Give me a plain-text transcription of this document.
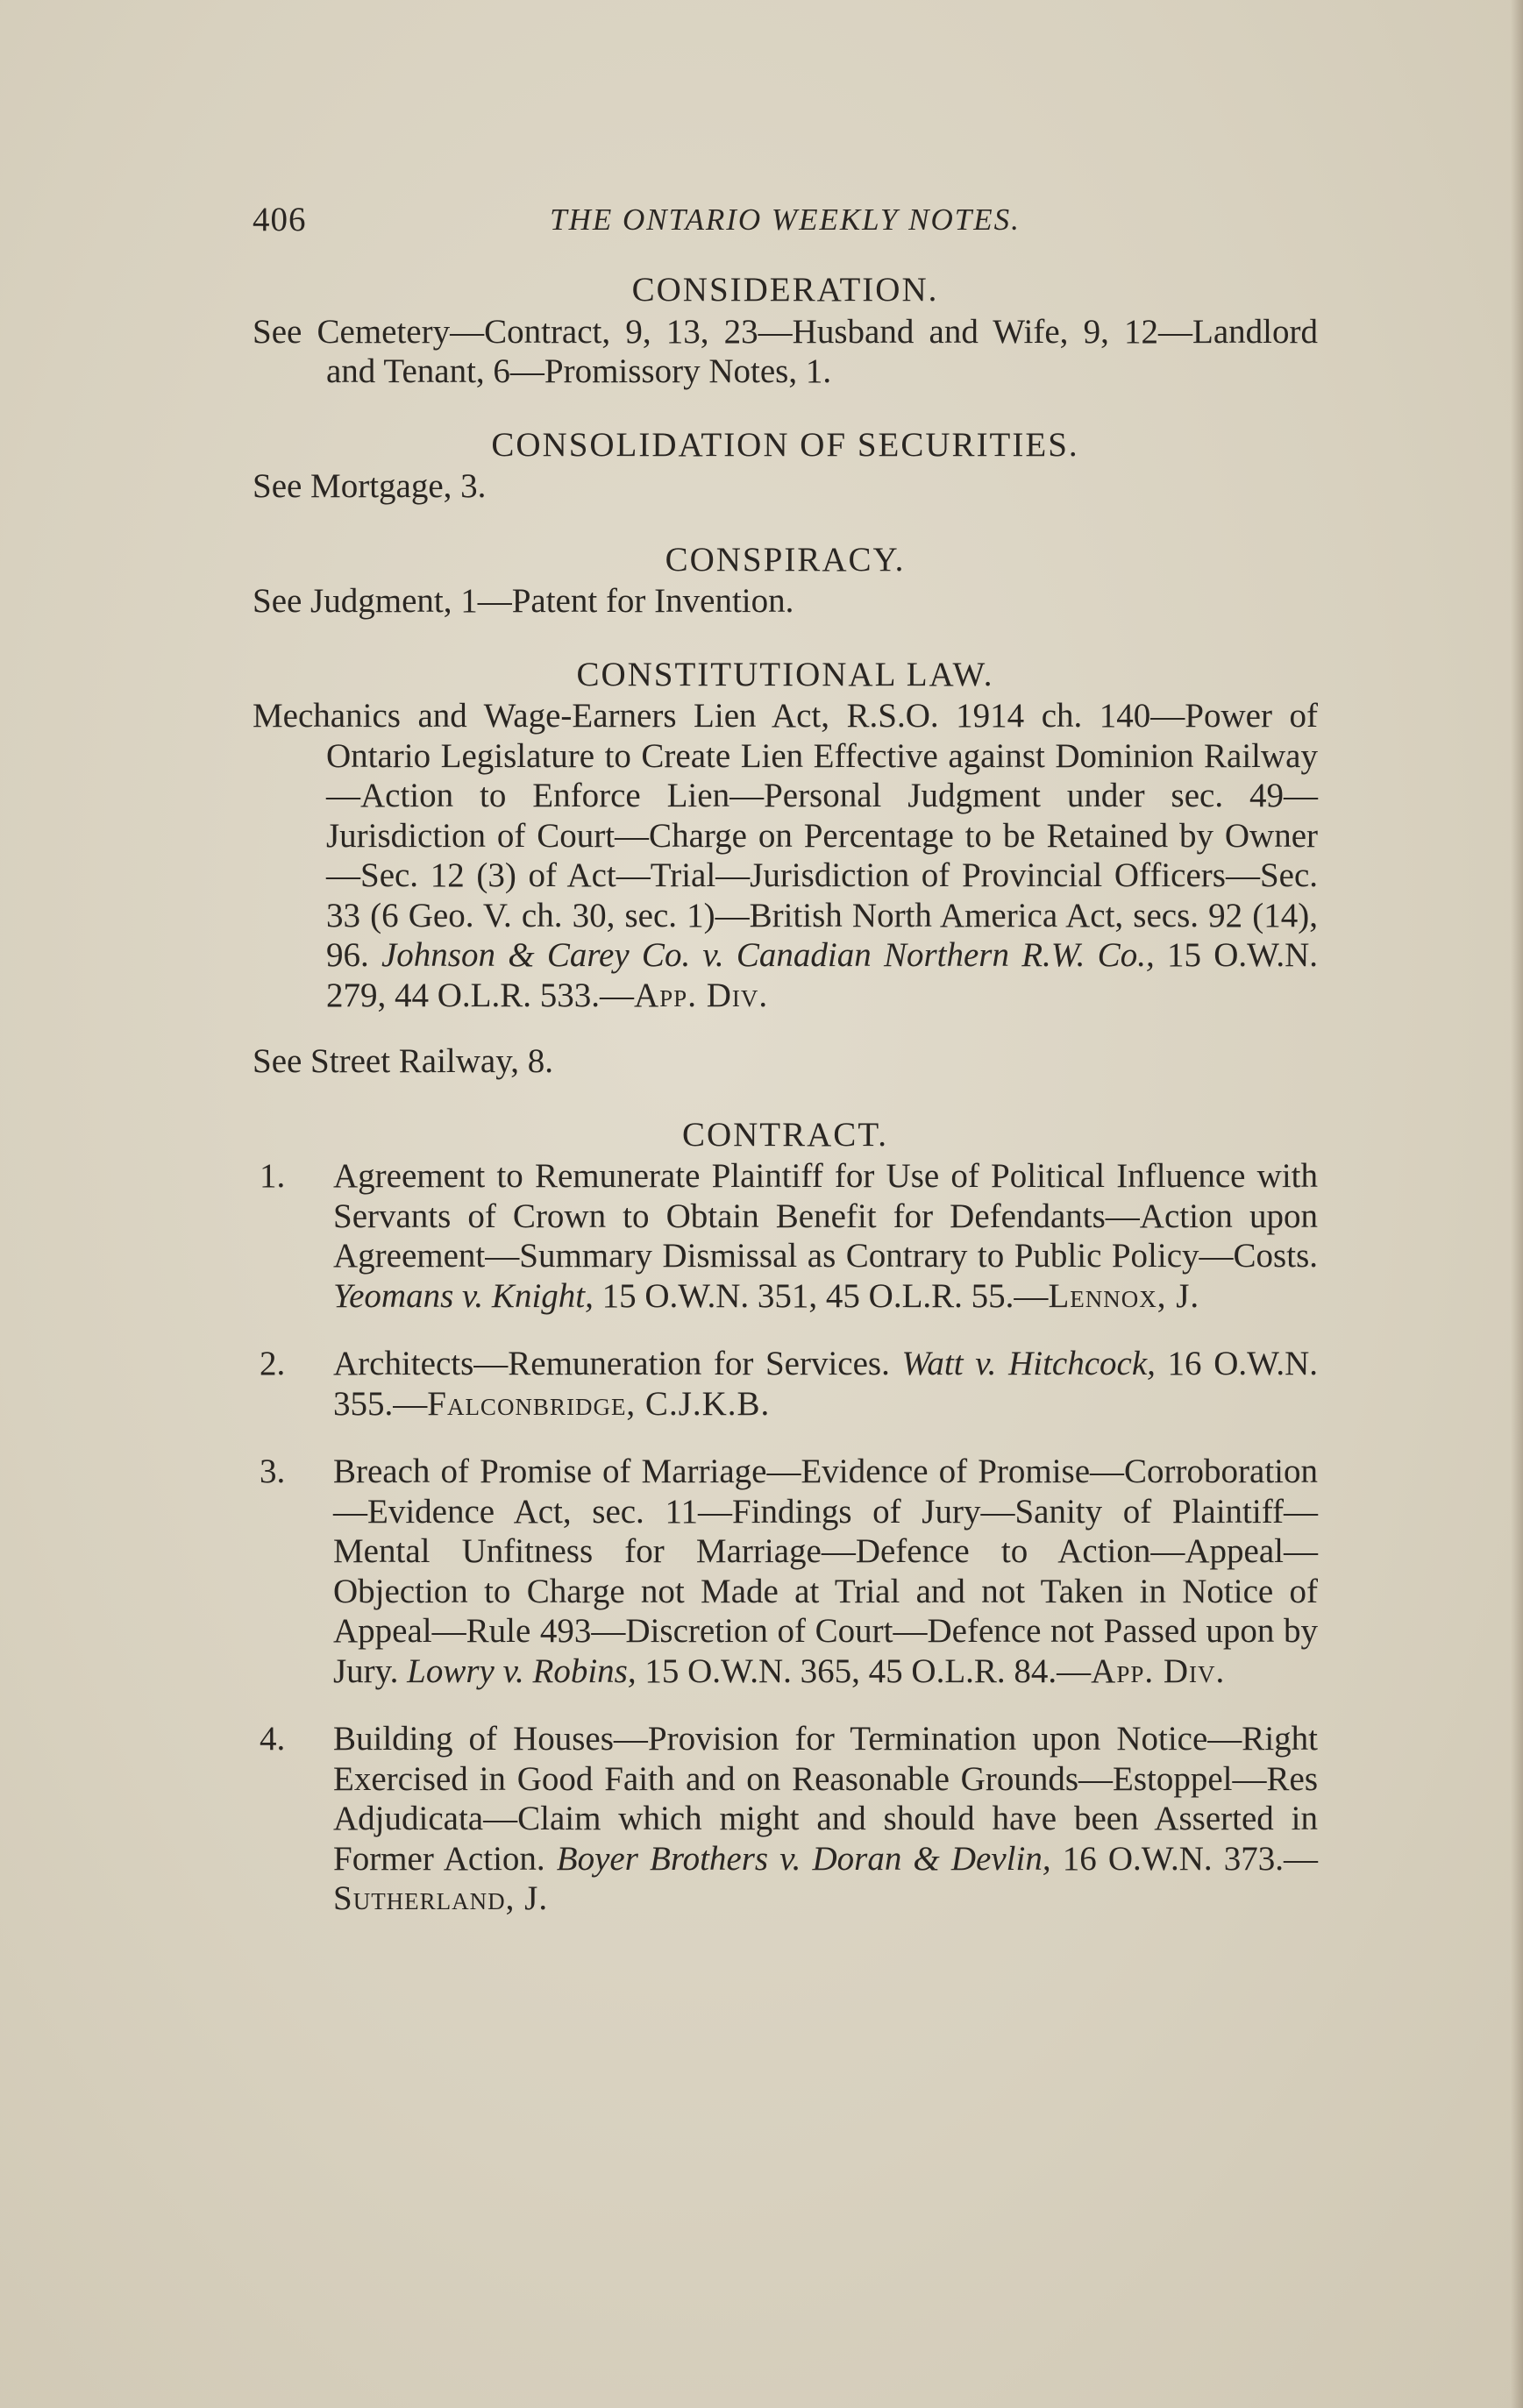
406	THE ONTARIO WEEKLY NOTES.
CONSIDERATION.

See Cemetery—Contract, 9, 13, 23—Husband and Wife, 9, 12—Landlord and Tenant, 6—Promissory Notes, 1.

CONSOLIDATION OF SECURITIES.

See Mortgage, 3.

CONSPIRACY.

See Judgment, 1—Patent for Invention.

CONSTITUTIONAL LAW.

Mechanics and Wage-Earners Lien Act, R.S.O. 1914 ch. 140—Power of Ontario Legislature to Create Lien Effective against Dominion Railway—Action to Enforce Lien—Personal Judgment under sec. 49—Jurisdiction of Court—Charge on Percentage to be Retained by Owner—Sec. 12 (3) of Act—Trial—Jurisdiction of Provincial Officers—Sec. 33 (6 Geo. V. ch. 30, sec. 1)—British North America Act, secs. 92 (14), 96. Johnson & Carey Co. v. Canadian Northern R.W. Co., 15 O.W.N. 279, 44 O.L.R. 533.—App. Div.

See Street Railway, 8.

CONTRACT.
1. Agreement to Remunerate Plaintiff for Use of Political Influence with Servants of Crown to Obtain Benefit for Defendants—Action upon Agreement—Summary Dismissal as Contrary to Public Policy—Costs. Yeomans v. Knight, 15 O.W.N. 351, 45 O.L.R. 55.—Lennox, J.
2. Architects—Remuneration for Services. Watt v. Hitchcock, 16 O.W.N. 355.—Falconbridge, C.J.K.B.
3. Breach of Promise of Marriage—Evidence of Promise—Corroboration—Evidence Act, sec. 11—Findings of Jury—Sanity of Plaintiff—Mental Unfitness for Marriage—Defence to Action—Appeal—Objection to Charge not Made at Trial and not Taken in Notice of Appeal—Rule 493—Discretion of Court—Defence not Passed upon by Jury. Lowry v. Robins, 15 O.W.N. 365, 45 O.L.R. 84.—App. Div.
4. Building of Houses—Provision for Termination upon Notice—Right Exercised in Good Faith and on Reasonable Grounds—Estoppel—Res Adjudicata—Claim which might and should have been Asserted in Former Action. Boyer Brothers v. Doran & Devlin, 16 O.W.N. 373.—Sutherland, J.
